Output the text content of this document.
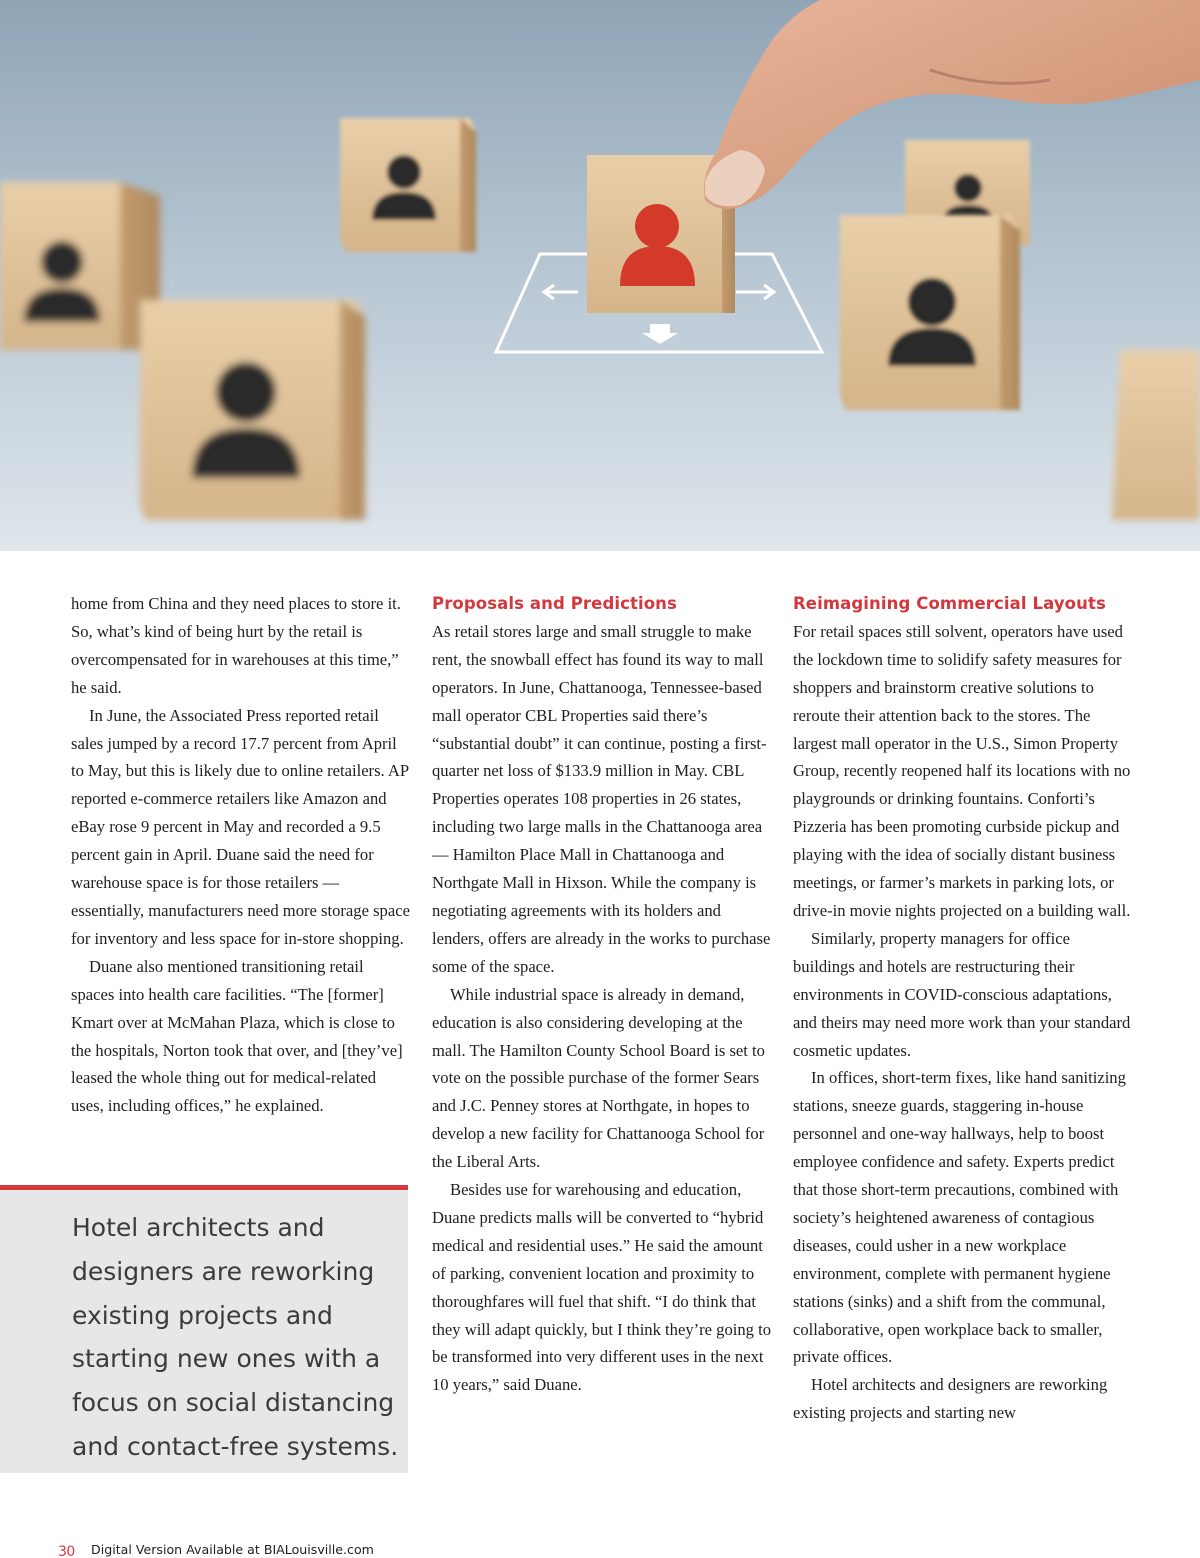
home from China and they need places to store it. So, what’s kind of being hurt by the retail is overcompensated for in warehouses at this time,” he said.

In June, the Associated Press reported retail sales jumped by a record 17.7 percent from April to May, but this is likely due to online retailers. AP reported e-commerce retailers like Amazon and eBay rose 9 percent in May and recorded a 9.5 percent gain in April. Duane said the need for warehouse space is for those retailers — essentially, manufacturers need more storage space for inventory and less space for in-store shopping.

Duane also mentioned transitioning retail spaces into health care facilities. “The [former] Kmart over at McMahan Plaza, which is close to the hospitals, Norton took that over, and [they’ve] leased the whole thing out for medical-related uses, including offices,” he explained.

Hotel architects and designers are reworking existing projects and starting new ones with a focus on social distancing and contact-free systems.
Proposals and Predictions

As retail stores large and small struggle to make rent, the snowball effect has found its way to mall operators. In June, Chattanooga, Tennessee-based mall operator CBL Properties said there’s “substantial doubt” it can continue, posting a first-quarter net loss of $133.9 million in May. CBL Properties operates 108 properties in 26 states, including two large malls in the Chattanooga area — Hamilton Place Mall in Chattanooga and Northgate Mall in Hixson. While the company is negotiating agreements with its holders and lenders, offers are already in the works to purchase some of the space.

While industrial space is already in demand, education is also considering developing at the mall. The Hamilton County School Board is set to vote on the possible purchase of the former Sears and J.C. Penney stores at Northgate, in hopes to develop a new facility for Chattanooga School for the Liberal Arts.

Besides use for warehousing and education, Duane predicts malls will be converted to “hybrid medical and residential uses.” He said the amount of parking, convenient location and proximity to thoroughfares will fuel that shift. “I do think that they will adapt quickly, but I think they’re going to be transformed into very different uses in the next 10 years,” said Duane.

Reimagining Commercial Layouts

For retail spaces still solvent, operators have used the lockdown time to solidify safety measures for shoppers and brainstorm creative solutions to reroute their attention back to the stores. The largest mall operator in the U.S., Simon Property Group, recently reopened half its locations with no playgrounds or drinking fountains. Conforti’s Pizzeria has been promoting curbside pickup and playing with the idea of socially distant business meetings, or farmer’s markets in parking lots, or drive-in movie nights projected on a building wall.

Similarly, property managers for office buildings and hotels are restructuring their environments in COVID-conscious adaptations, and theirs may need more work than your standard cosmetic updates.

In offices, short-term fixes, like hand sanitizing stations, sneeze guards, staggering in-house personnel and one-way hallways, help to boost employee confidence and safety. Experts predict that those short-term precautions, combined with society’s heightened awareness of contagious diseases, could usher in a new workplace environment, complete with permanent hygiene stations (sinks) and a shift from the communal, collaborative, open workplace back to smaller, private offices.

Hotel architects and designers are reworking existing projects and starting new

30 Digital Version Available at BIALouisville.com
